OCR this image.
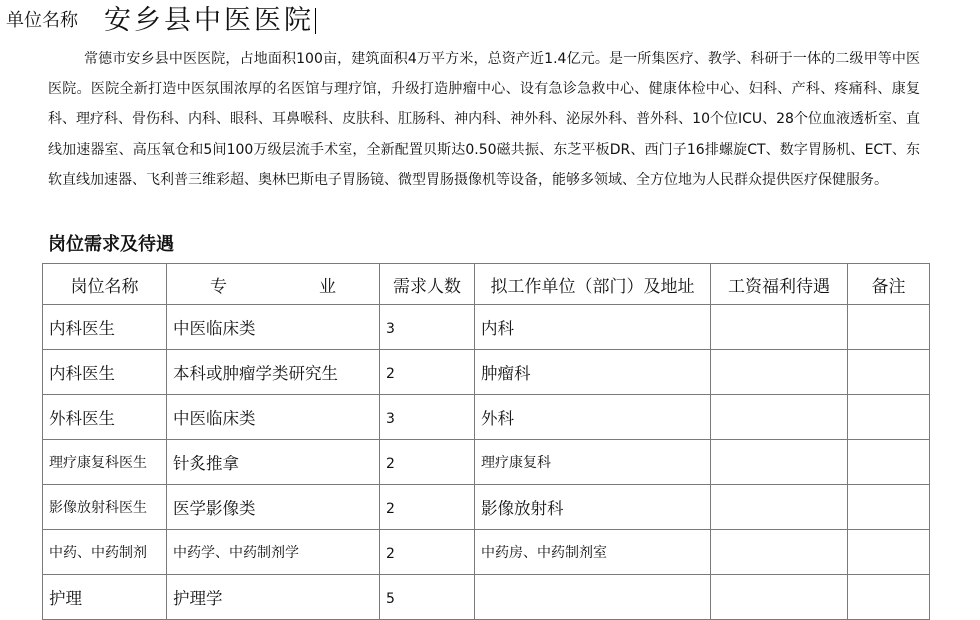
单位名称 安乡县中医医院

常德市安乡县中医医院，占地面积100亩，建筑面积4万平方米，总资产近1.4亿元。是一所集医疗、教学、科研于一体的二级甲等中医医院。医院全新打造中医氛围浓厚的名医馆与理疗馆，升级打造肿瘤中心、设有急诊急救中心、健康体检中心、妇科、产科、疼痛科、康复科、理疗科、骨伤科、内科、眼科、耳鼻喉科、皮肤科、肛肠科、神内科、神外科、泌尿外科、普外科、10个位ICU、28个位血液透析室、直线加速器室、高压氧仓和5间100万级层流手术室，全新配置贝斯达0.50磁共振、东芝平板DR、西门子16排螺旋CT、数字胃肠机、ECT、东软直线加速器、飞利普三维彩超、奥林巴斯电子胃肠镜、微型胃肠摄像机等设备，能够多领域、全方位地为人民群众提供医疗保健服务。

岗位需求及待遇
岗位名称	专 业	需求人数	拟工作单位（部门）及地址	工资福利待遇	备注
内科医生	中医临床类	3	内科		
内科医生	本科或肿瘤学类研究生	2	肿瘤科		
外科医生	中医临床类	3	外科		
理疗康复科医生	针炙推拿	2	理疗康复科		
影像放射科医生	医学影像类	2	影像放射科		
中药、中药制剂	中药学、中药制剂学	2	中药房、中药制剂室		
护理	护理学	5			
